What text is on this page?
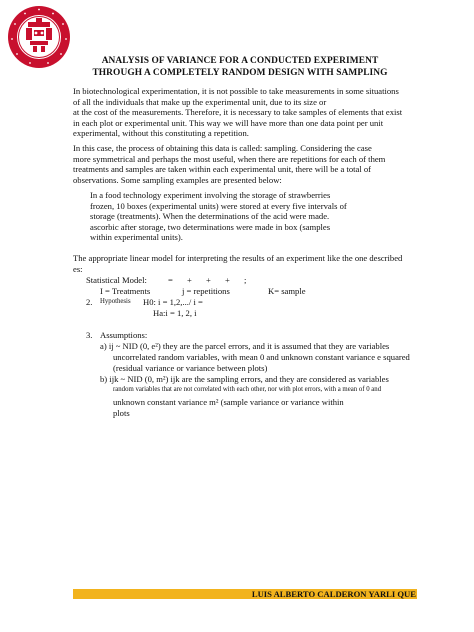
ANALYSIS OF VARIANCE FOR A CONDUCTED EXPERIMENT
THROUGH A COMPLETELY RANDOM DESIGN WITH SAMPLING
In biotechnological experimentation, it is not possible to take measurements in some situations
of all the individuals that make up the experimental unit, due to its size or
at the cost of the measurements. Therefore, it is necessary to take samples of elements that exist
in each plot or experimental unit. This way we will have more than one data point per unit
experimental, without this constituting a repetition.
In this case, the process of obtaining this data is called: sampling. Considering the case
more symmetrical and perhaps the most useful, when there are repetitions for each of them
treatments and samples are taken within each experimental unit, there will be a total of
observations. Some sampling examples are presented below:
In a food technology experiment involving the storage of strawberries
frozen, 10 boxes (experimental units) were stored at every five intervals of
storage (treatments). When the determinations of the acid were made.
ascorbic after storage, two determinations were made in box (samples
within experimental units).
The appropriate linear model for interpreting the results of an experiment like the one described
es:
Statistical Model: = + + + ;
I = Treatments	j = repetitions	K= sample
2. Hypothesis H0: i = 1,2,.../ i =
Ha:i = 1, 2, i
3. Assumptions:
a) ij ~ NID (0, e²) they are the parcel errors, and it is assumed that they are variables
uncorrelated random variables, with mean 0 and unknown constant variance e squared
(residual variance or variance between plots)
b) ijk ~ NID (0, m²) ijk are the sampling errors, and they are considered as variables
random variables that are not correlated with each other, nor with plot errors, with a mean of 0 and
unknown constant variance m² (sample variance or variance within
plots
LUIS ALBERTO CALDERON YARLI QUE
